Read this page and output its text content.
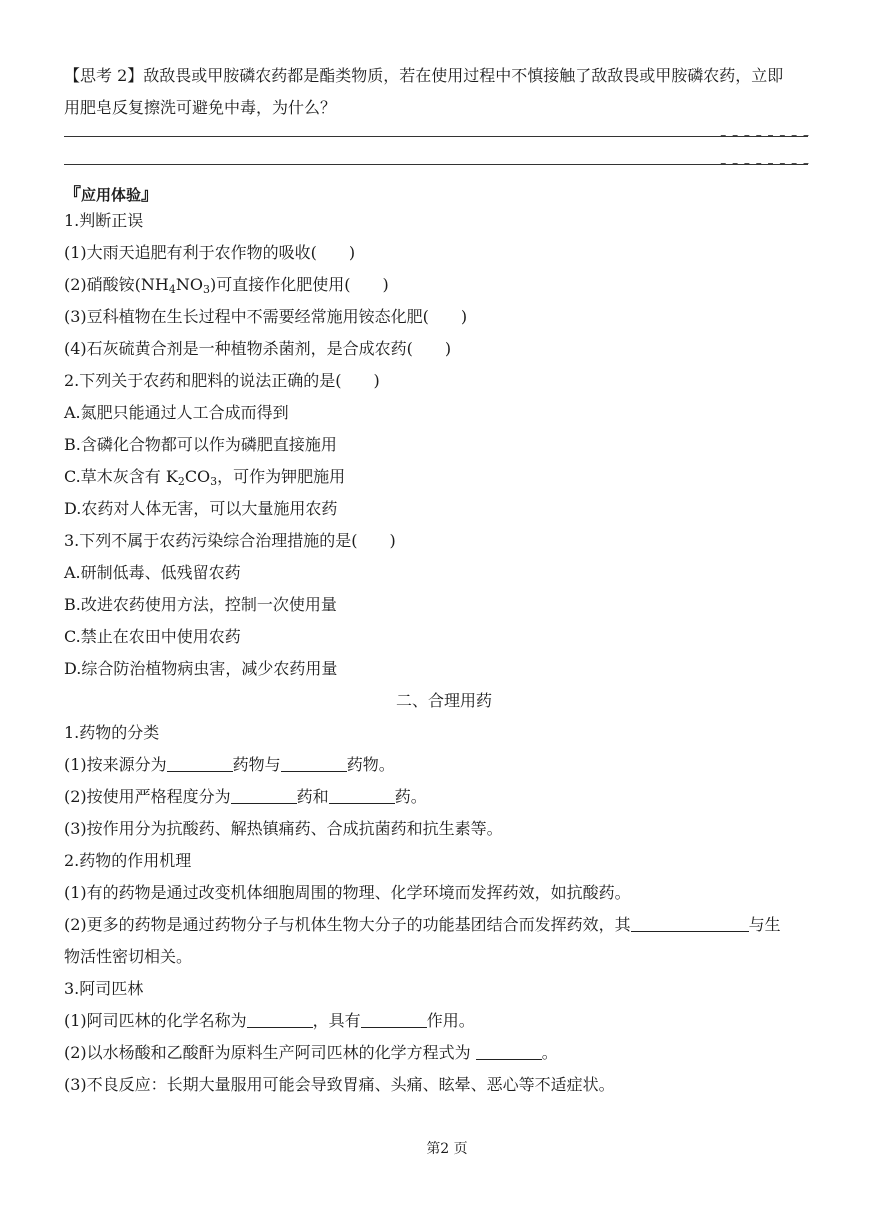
【思考 2】敌敌畏或甲胺磷农药都是酯类物质，若在使用过程中不慎接触了敌敌畏或甲胺磷农药，立即
用肥皂反复擦洗可避免中毒，为什么？
– – – – – – – –
– – – – – – – –
『应用体验』
1.判断正误
(1)大雨天追肥有利于农作物的吸收(　　)
(2)硝酸铵$(NH_4NO_3)$可直接作化肥使用(　　)
(3)豆科植物在生长过程中不需要经常施用铵态化肥(　　)
(4)石灰硫黄合剂是一种植物杀菌剂，是合成农药(　　)
2.下列关于农药和肥料的说法正确的是(　　)
A.氮肥只能通过人工合成而得到
B.含磷化合物都可以作为磷肥直接施用
C.草木灰含有 $K_2CO_3$，可作为钾肥施用
D.农药对人体无害，可以大量施用农药
3.下列不属于农药污染综合治理措施的是(　　)
A.研制低毒、低残留农药
B.改进农药使用方法，控制一次使用量
C.禁止在农田中使用农药
D.综合防治植物病虫害，减少农药用量
二、合理用药
1.药物的分类
(1)按来源分为	药物与	药物。
(2)按使用严格程度分为	药和	药。
(3)按作用分为抗酸药、解热镇痛药、合成抗菌药和抗生素等。
2.药物的作用机理
(1)有的药物是通过改变机体细胞周围的物理、化学环境而发挥药效，如抗酸药。
(2)更多的药物是通过药物分子与机体生物大分子的功能基团结合而发挥药效，其	与生
物活性密切相关。
3.阿司匹林
(1)阿司匹林的化学名称为	，具有	作用。
(2)以水杨酸和乙酸酐为原料生产阿司匹林的化学方程式为	。
(3)不良反应：长期大量服用可能会导致胃痛、头痛、眩晕、恶心等不适症状。
第2 页
